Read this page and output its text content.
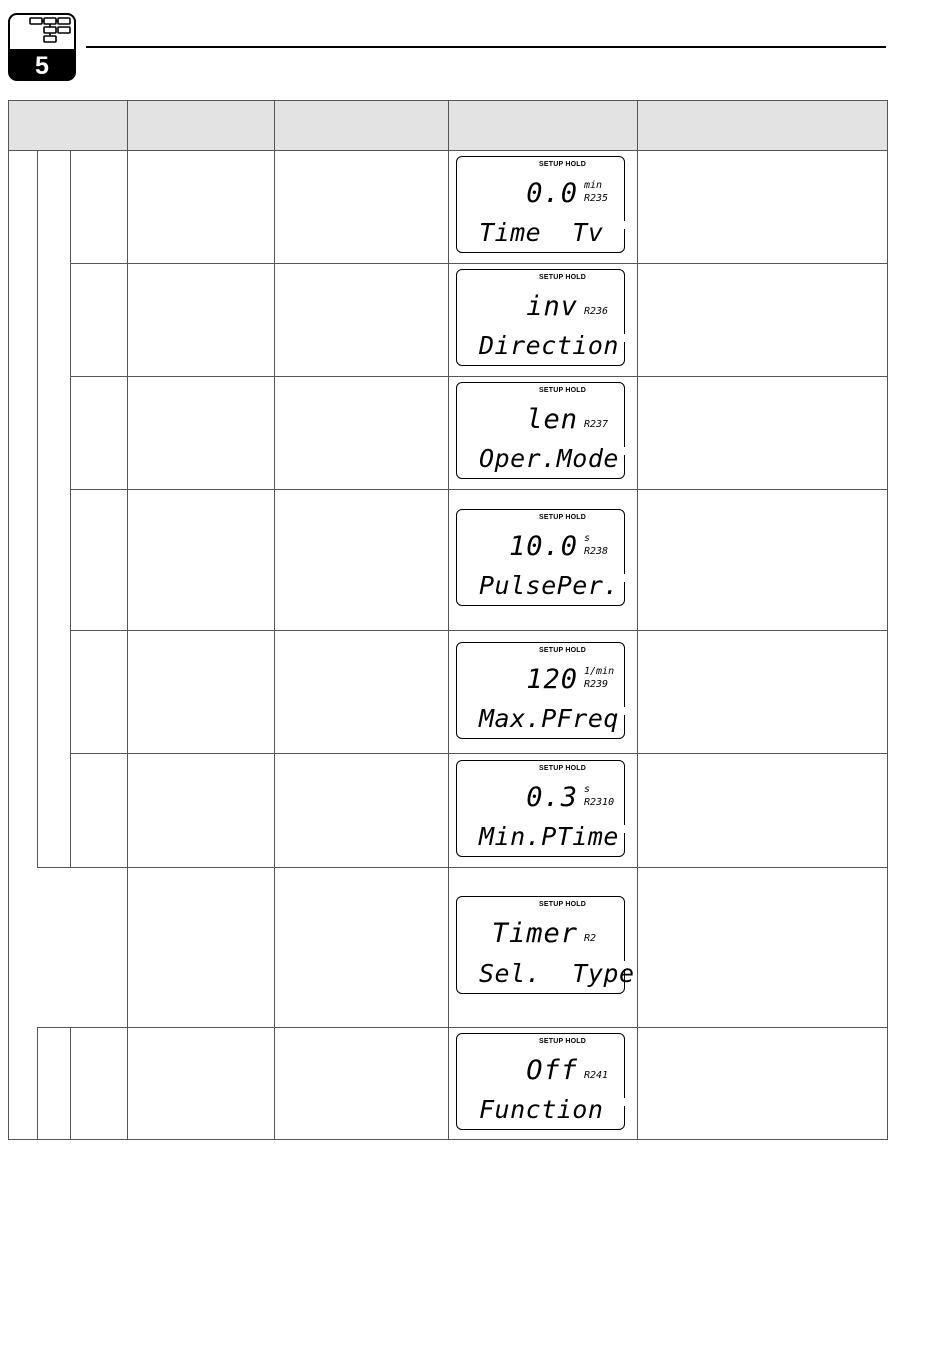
5
SETUP HOLD
0.0 min
R235
Time  Tv
SETUP HOLD
inv R236
Direction
SETUP HOLD
len R237
Oper.Mode
SETUP HOLD
10.0 s
R238
PulsePer.
SETUP HOLD
120 1/min
R239
Max.PFreq
SETUP HOLD
0.3 s
R2310
Min.PTime
SETUP HOLD
Timer R2
Sel.  Type
SETUP HOLD
Off R241
Function
